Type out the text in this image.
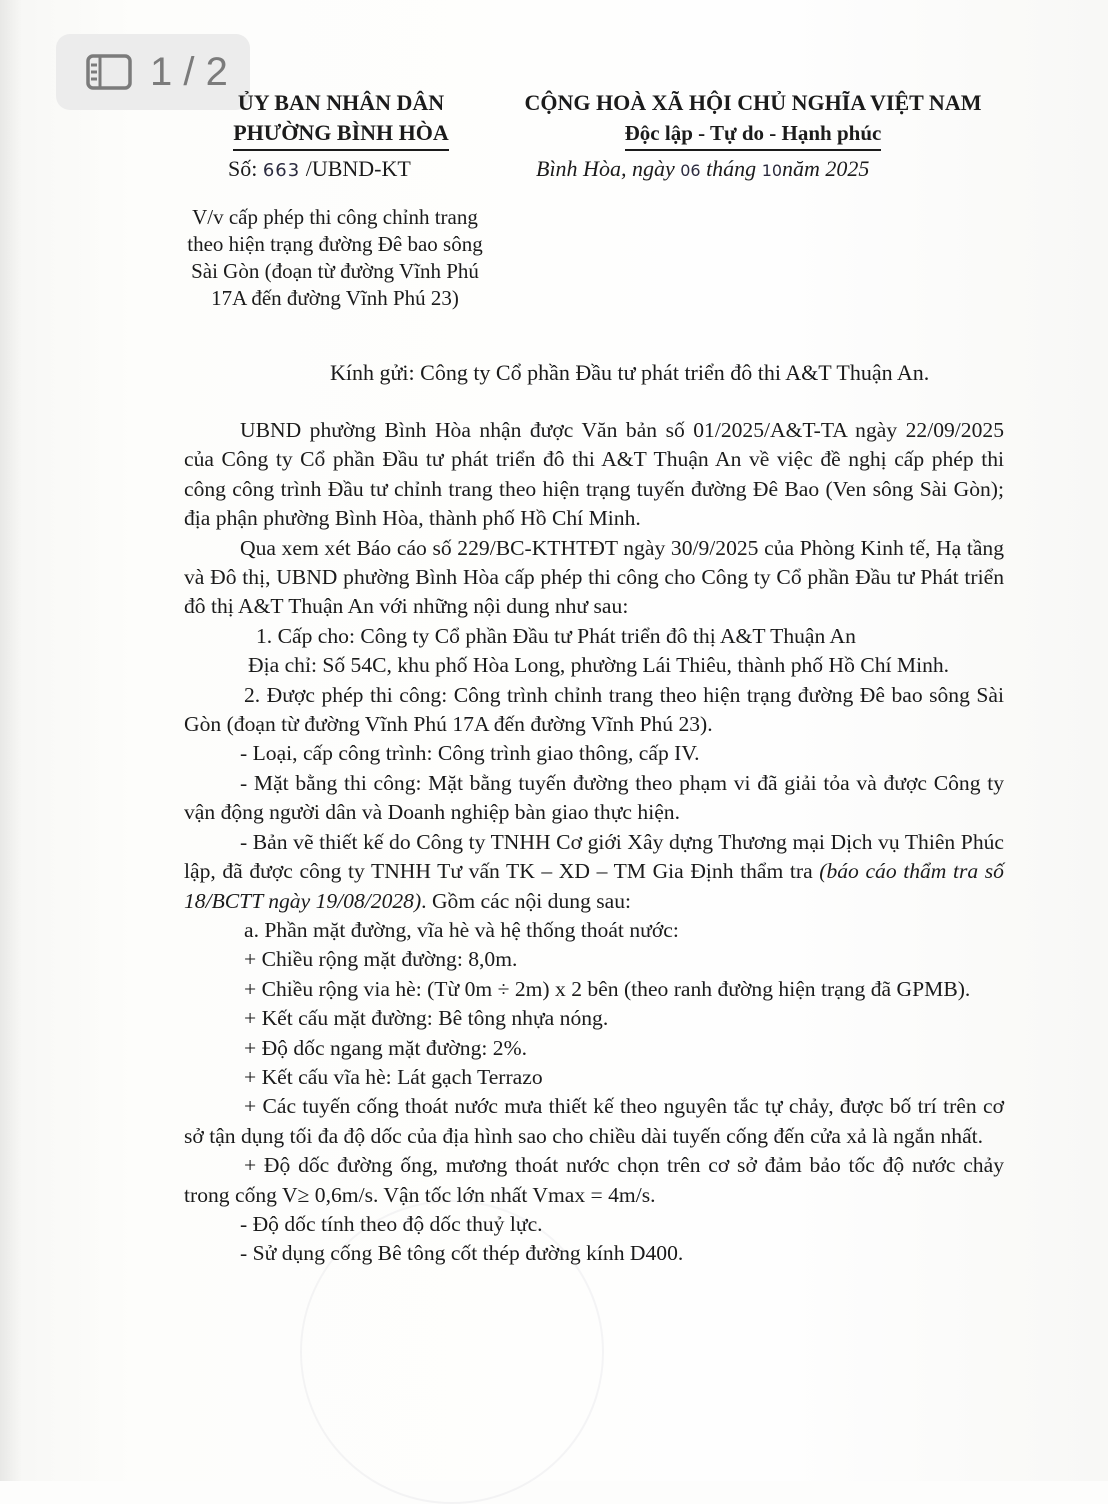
1 / 2
ỦY BAN NHÂN DÂN
PHƯỜNG BÌNH HÒA
CỘNG HOÀ XÃ HỘI CHỦ NGHĨA VIỆT NAM
Độc lập - Tự do - Hạnh phúc
Số: 663 /UBND-KT	Bình Hòa, ngày 06 tháng 10năm 2025
V/v cấp phép thi công chỉnh trang theo hiện trạng đường Đê bao sông Sài Gòn (đoạn từ đường Vĩnh Phú 17A đến đường Vĩnh Phú 23)
Kính gửi: Công ty Cổ phần Đầu tư phát triển đô thi A&T Thuận An.

UBND phường Bình Hòa nhận được Văn bản số 01/2025/A&T-TA ngày 22/09/2025 của Công ty Cổ phần Đầu tư phát triển đô thi A&T Thuận An về việc đề nghị cấp phép thi công công trình Đầu tư chỉnh trang theo hiện trạng tuyến đường Đê Bao (Ven sông Sài Gòn); địa phận phường Bình Hòa, thành phố Hồ Chí Minh.

Qua xem xét Báo cáo số 229/BC-KTHTĐT ngày 30/9/2025 của Phòng Kinh tế, Hạ tầng và Đô thị, UBND phường Bình Hòa cấp phép thi công cho Công ty Cổ phần Đầu tư Phát triển đô thị A&T Thuận An với những nội dung như sau:

1. Cấp cho: Công ty Cổ phần Đầu tư Phát triển đô thị A&T Thuận An

Địa chỉ: Số 54C, khu phố Hòa Long, phường Lái Thiêu, thành phố Hồ Chí Minh.

2. Được phép thi công: Công trình chỉnh trang theo hiện trạng đường Đê bao sông Sài Gòn (đoạn từ đường Vĩnh Phú 17A đến đường Vĩnh Phú 23).

- Loại, cấp công trình: Công trình giao thông, cấp IV.

- Mặt bằng thi công: Mặt bằng tuyến đường theo phạm vi đã giải tỏa và được Công ty vận động người dân và Doanh nghiệp bàn giao thực hiện.

- Bản vẽ thiết kế do Công ty TNHH Cơ giới Xây dựng Thương mại Dịch vụ Thiên Phúc lập, đã được công ty TNHH Tư vấn TK – XD – TM Gia Định thẩm tra (báo cáo thẩm tra số 18/BCTT ngày 19/08/2028). Gồm các nội dung sau:

a. Phần mặt đường, vĩa hè và hệ thống thoát nước:

+ Chiều rộng mặt đường: 8,0m.

+ Chiều rộng via hè: (Từ 0m ÷ 2m) x 2 bên (theo ranh đường hiện trạng đã GPMB).

+ Kết cấu mặt đường: Bê tông nhựa nóng.

+ Độ dốc ngang mặt đường: 2%.

+ Kết cấu vĩa hè: Lát gạch Terrazo

+ Các tuyến cống thoát nước mưa thiết kế theo nguyên tắc tự chảy, được bố trí trên cơ sở tận dụng tối đa độ dốc của địa hình sao cho chiều dài tuyến cống đến cửa xả là ngắn nhất.

+ Độ dốc đường ống, mương thoát nước chọn trên cơ sở đảm bảo tốc độ nước chảy trong cống V≥ 0,6m/s. Vận tốc lớn nhất Vmax = 4m/s.

- Độ dốc tính theo độ dốc thuỷ lực.

- Sử dụng cống Bê tông cốt thép đường kính D400.
